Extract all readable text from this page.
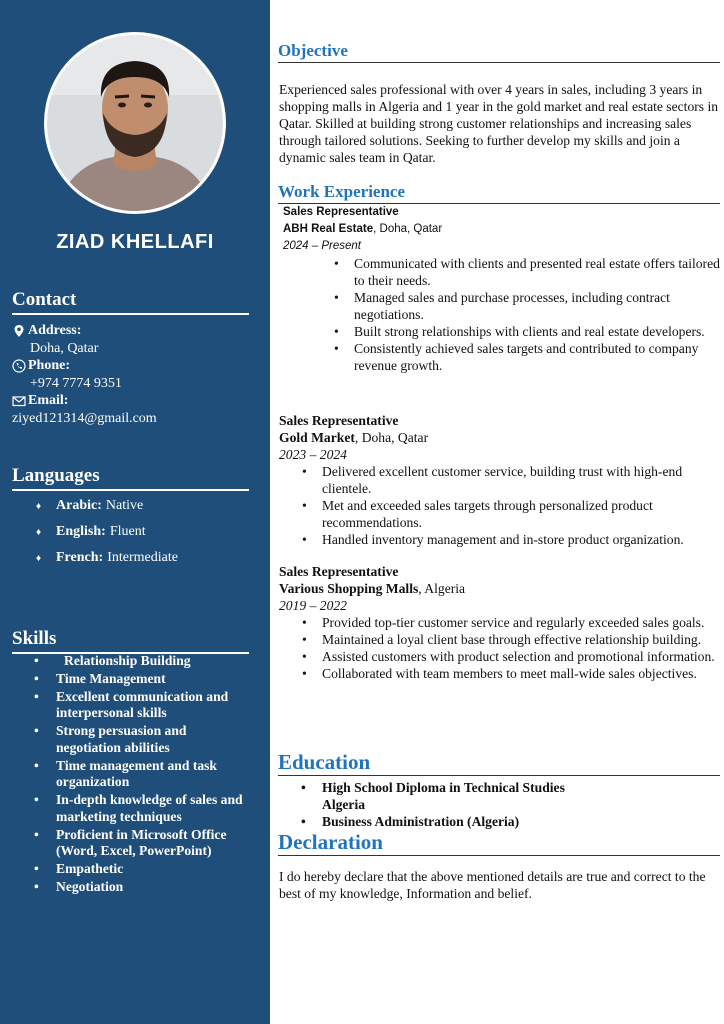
ZIAD KHELLAFI
Contact
Address:
Doha, Qatar
Phone:
+974 7774 9351
Email:
ziyed121314@gmail.com
Languages
♦	Arabic: Native
♦	English: Fluent
♦	French: Intermediate
Skills
• Relationship Building
• Time Management
• Excellent communication and interpersonal skills
• Strong persuasion and negotiation abilities
• Time management and task organization
• In-depth knowledge of sales and marketing techniques
• Proficient in Microsoft Office (Word, Excel, PowerPoint)
• Empathetic
• Negotiation
Objective
Experienced sales professional with over 4 years in sales, including 3 years in shopping malls in Algeria and 1 year in the gold market and real estate sectors in Qatar. Skilled at building strong customer relationships and increasing sales through tailored solutions. Seeking to further develop my skills and join a dynamic sales team in Qatar.
Work Experience
Sales Representative
ABH Real Estate, Doha, Qatar
2024 – Present
• Communicated with clients and presented real estate offers tailored to their needs.
• Managed sales and purchase processes, including contract negotiations.
• Built strong relationships with clients and real estate developers.
• Consistently achieved sales targets and contributed to company revenue growth.
Sales Representative
Gold Market, Doha, Qatar
2023 – 2024
• Delivered excellent customer service, building trust with high-end clientele.
• Met and exceeded sales targets through personalized product recommendations.
• Handled inventory management and in-store product organization.
Sales Representative
Various Shopping Malls, Algeria
2019 – 2022
• Provided top-tier customer service and regularly exceeded sales goals.
• Maintained a loyal client base through effective relationship building.
• Assisted customers with product selection and promotional information.
• Collaborated with team members to meet mall-wide sales objectives.
Education
• High School Diploma in Technical Studies
Algeria
• Business Administration (Algeria)
Declaration
I do hereby declare that the above mentioned details are true and correct to the best of my knowledge, Information and belief.
